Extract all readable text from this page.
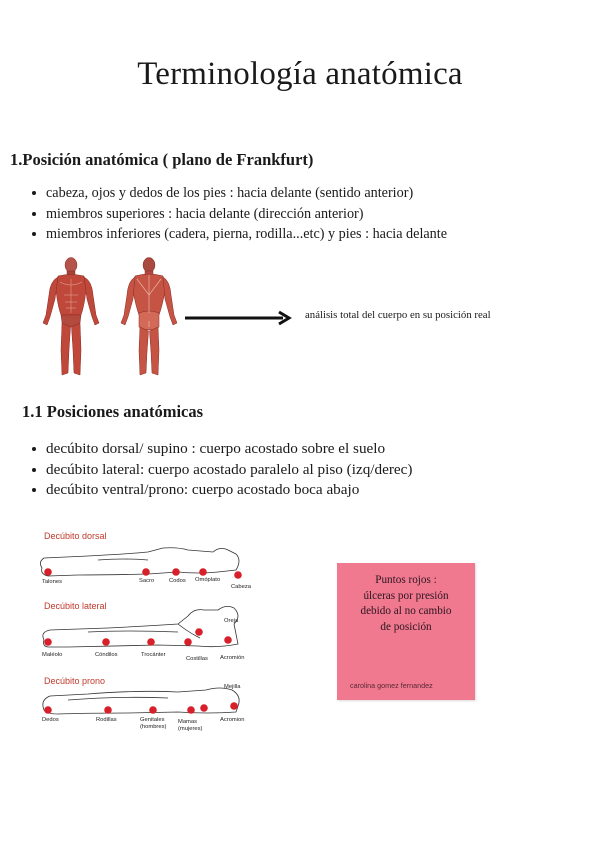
Terminología anatómica
1.Posición anatómica ( plano de Frankfurt)
cabeza, ojos y dedos de los pies : hacia delante (sentido anterior)
miembros superiores : hacia delante (dirección anterior)
miembros inferiores (cadera, pierna, rodilla...etc) y pies : hacia delante
análisis total del cuerpo en su posición real
1.1 Posiciones anatómicas
decúbito dorsal/ supino : cuerpo acostado sobre el suelo
decúbito lateral: cuerpo acostado paralelo al piso (izq/derec)
decúbito ventral/prono: cuerpo acostado boca abajo
Decúbito dorsal
Talones	Sacro	Codos Omóplato
Cabeza
Decúbito lateral
Maléolo	Cóndilos	Trocánter
Costillas Acromión
Oreja
Decúbito prono
Dedos	Rodillas	Genitales
(hombres)
Mamas
(mujeres)
Acromion
Mejilla
Puntos rojos :
úlceras por presión
debido al no cambio
de posición
carolina gomez fernandez
